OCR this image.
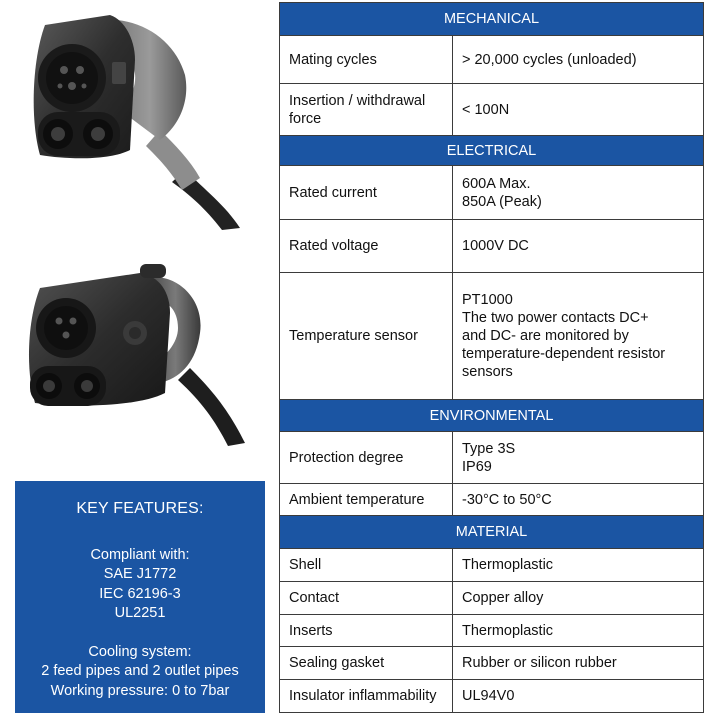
KEY FEATURES:
Compliant with:
SAE J1772
IEC 62196-3
UL2251
Cooling system:
2 feed pipes and 2 outlet pipes
Working pressure: 0 to 7bar
MECHANICAL	
Mating cycles	> 20,000 cycles (unloaded)

Insertion / withdrawal force	< 100N

ELECTRICAL	
Rated current	600A Max.
850A (Peak)

Rated voltage	1000V DC

Temperature sensor	PT1000
The two power contacts DC+
and DC- are monitored by
temperature-dependent resistor
sensors

ENVIRONMENTAL	
Protection degree	Type 3S
IP69

Ambient temperature	-30°C to 50°C

MATERIAL	
Shell	Thermoplastic

Contact	Copper alloy

Inserts	Thermoplastic

Sealing gasket	Rubber or silicon rubber

Insulator inflammability	UL94V0
